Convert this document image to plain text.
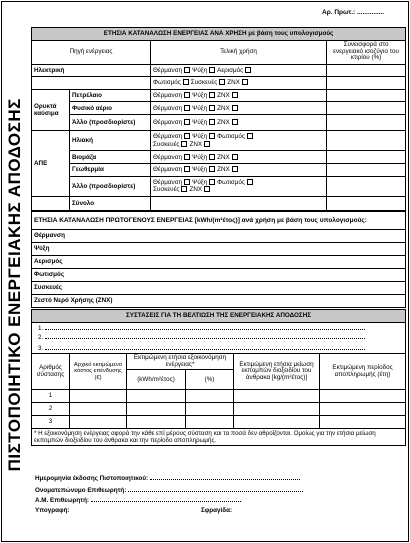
Αρ. Πρωτ.: ...............
ΠΙΣΤΟΠΟΙΗΤΙΚΟ ΕΝΕΡΓΕΙΑΚΗΣ ΑΠΟΔΟΣΗΣ
ΕΤΗΣΙΑ ΚΑΤΑΝΑΛΩΣΗ ΕΝΕΡΓΕΙΑΣ ΑΝΑ ΧΡΗΣΗ με βάση τους υπολογισμούς			
Πηγή ενέργειας		Τελική χρήση	Συνεισφορά στο ενεργειακό ισοζύγιο του κτιρίου (%)
Ηλεκτρική		Θέρμανση Ψύξη Αερισμός	
		Φωτισμός Συσκευές ΖΝΧ	
Ορυκτά καύσιμα	Πετρέλαιο	Θέρμανση Ψύξη ΖΝΧ	
	Φυσικό αέριο	Θέρμανση Ψύξη ΖΝΧ	
	Άλλο (προσδιορίστε)	Θέρμανση Ψύξη ΖΝΧ	
ΑΠΕ	Ηλιακή	Θέρμανση Ψύξη Φωτισμός
Συσκευές ΖΝΧ	
	Βιομάζα	Θέρμανση Ψύξη ΖΝΧ	
	Γεωθερμία	Θέρμανση Ψύξη ΖΝΧ	
	Άλλο (προσδιορίστε)	Θέρμανση Ψύξη Φωτισμός
Συσκευές ΖΝΧ	
	Σύνολο		
ΕΤΗΣΙΑ ΚΑΤΑΝΑΛΩΣΗ ΠΡΩΤΟΓΕΝΟΥΣ ΕΝΕΡΓΕΙΑΣ [kWh/(m²έτος)] ανά χρήση με βάση τους υπολογισμούς:
Θέρμανση
Ψύξη
Αερισμός
Φωτισμός
Συσκευές
Ζεστό Νερό Χρήσης (ΖΝΧ)
ΣΥΣΤΑΣΕΙΣ ΓΙΑ ΤΗ ΒΕΛΤΙΩΣΗ ΤΗΣ ΕΝΕΡΓΕΙΑΚΗΣ ΑΠΟΔΟΣΗΣ					
1.					
2.					
3.					
Αριθμός σύστασης	Αρχικό εκτιμώμενο κόστος επένδυσης (€)	Εκτιμώμενη ετήσια εξοικονόμηση ενέργειας*		Εκτιμώμενη ετήσια μείωση εκπομπών διοξειδίου του άνθρακα [kg/(m²έτος)]	Εκτιμώμενη περίοδος αποπληρωμής (έτη)
		(kWh/m²έτος)	(%)		
1					
2					
3					
* Η εξοικονόμηση ενέργειας αφορά την κάθε επί μέρους σύσταση και τα ποσά δεν αθροίζονται. Ομοίως για την ετήσια μείωση εκπομπών διοξειδίου του άνθρακα και την περίοδο αποπληρωμής.					
Ημερομηνία έκδοσης Πιστοποιητικού:
Ονοματεπώνυμο Επιθεωρητή:
Α.Μ. Επιθεωρητή:
Υπογραφή:	Σφραγίδα:
